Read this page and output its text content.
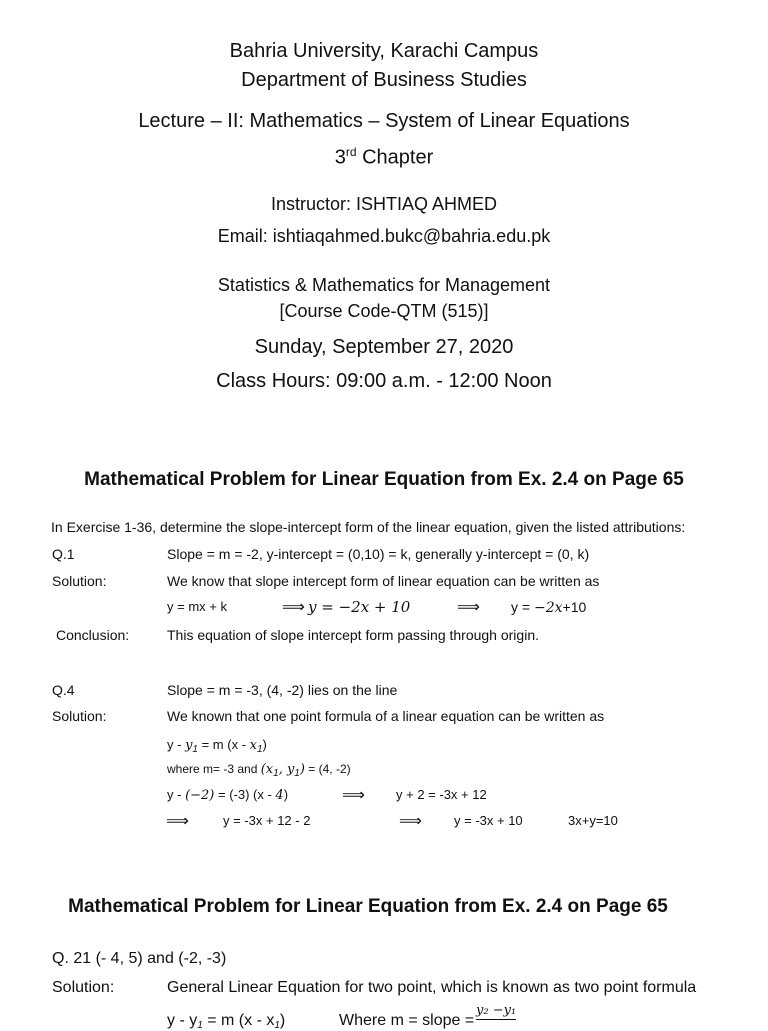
Bahria University, Karachi Campus
Department of Business Studies
Lecture – II: Mathematics – System of Linear Equations
3rd Chapter
Instructor: ISHTIAQ AHMED
Email: ishtiaqahmed.bukc@bahria.edu.pk
Statistics & Mathematics for Management
[Course Code-QTM (515)]
Sunday, September 27, 2020
Class Hours: 09:00 a.m. - 12:00 Noon
Mathematical Problem for Linear Equation from Ex. 2.4 on Page 65
In Exercise 1-36, determine the slope-intercept form of the linear equation, given the listed attributions:
Q.1	Slope = m = -2, y-intercept = (0,10) = k, generally y-intercept = (0, k)
Solution:	We know that slope intercept form of linear equation can be written as
y = mx + k	⟹ y = −2x + 10	⟹ y = −2x+10
Conclusion:	This equation of slope intercept form passing through origin.
Q.4	Slope = m = -3, (4, -2) lies on the line
Solution:	We known that one point formula of a linear equation can be written as
$y - y_1 = m$ $(x - x_1)$
where m= -3 and ($x_1$, $y_1) = (4$, -2)
y - (−2) = (-3) (x - 4)	⟹ y + 2 = -3x + 12
⟹	y = -3x + 12 - 2	⟹ y = -3x + 10	3x+y=10
Mathematical Problem for Linear Equation from Ex. 2.4 on Page 65
Q. 21 (- 4, 5) and (-2, -3)
Solution:	General Linear Equation for two point, which is known as two point formula
$y - y_1 = m$ $(x - x_1)$	Where m = slope =
y₂ −y₁
